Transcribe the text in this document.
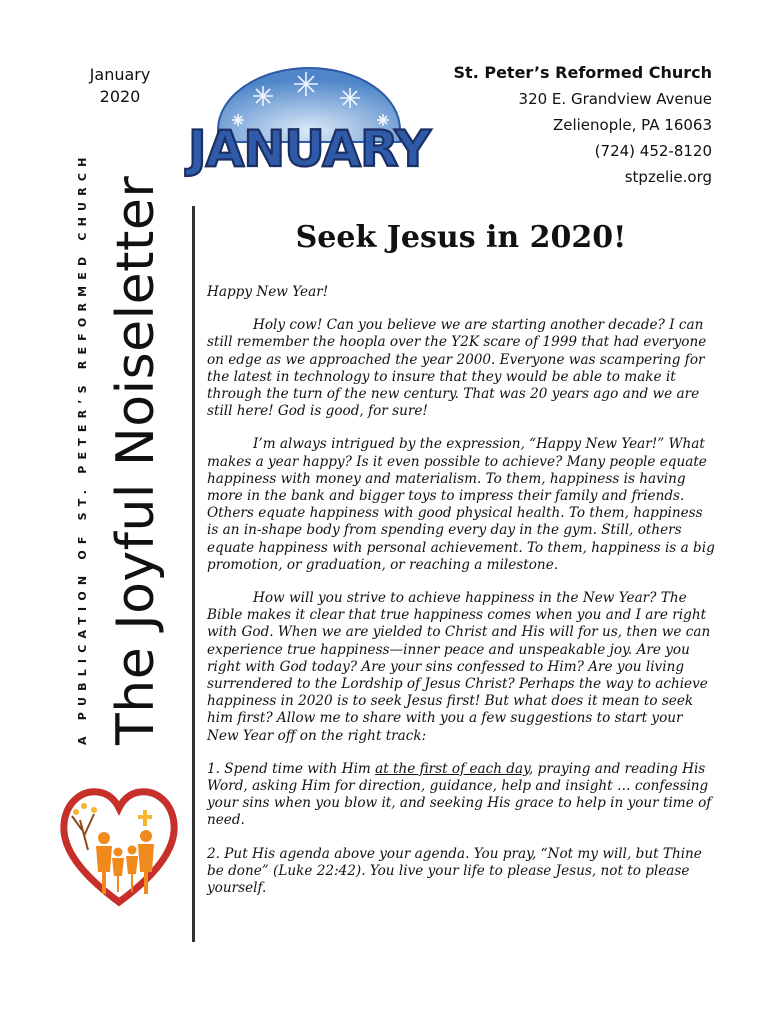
January
2020
JANUARY
St. Peter’s Reformed Church
320 E. Grandview Avenue
Zelienople, PA 16063
(724) 452-8120
stpzelie.org
A PUBLICATION OF ST. PETER’S REFORMED CHURCH The Joyful Noiseletter	Seek Jesus in 2020!

Happy New Year!

Holy cow! Can you believe we are starting another decade? I can still remember the hoopla over the Y2K scare of 1999 that had everyone on edge as we approached the year 2000. Everyone was scampering for the latest in technology to insure that they would be able to make it through the turn of the new century. That was 20 years ago and we are still here! God is good, for sure!

I’m always intrigued by the expression, “Happy New Year!” What makes a year happy? Is it even possible to achieve? Many people equate happiness with money and materialism. To them, happiness is having more in the bank and bigger toys to impress their family and friends. Others equate happiness with good physical health. To them, happiness is an in-shape body from spending every day in the gym. Still, others equate happiness with personal achievement. To them, happiness is a big promotion, or graduation, or reaching a milestone.

How will you strive to achieve happiness in the New Year? The Bible makes it clear that true happiness comes when you and I are right with God. When we are yielded to Christ and His will for us, then we can experience true happiness—inner peace and unspeakable joy. Are you right with God today? Are your sins confessed to Him? Are you living surrendered to the Lordship of Jesus Christ? Perhaps the way to achieve happiness in 2020 is to seek Jesus first! But what does it mean to seek him first? Allow me to share with you a few suggestions to start your New Year off on the right track:

1. Spend time with Him at the first of each day, praying and reading His Word, asking Him for direction, guidance, help and insight … confessing your sins when you blow it, and seeking His grace to help in your time of need.

2. Put His agenda above your agenda. You pray, “Not my will, but Thine be done” (Luke 22:42). You live your life to please Jesus, not to please yourself.
